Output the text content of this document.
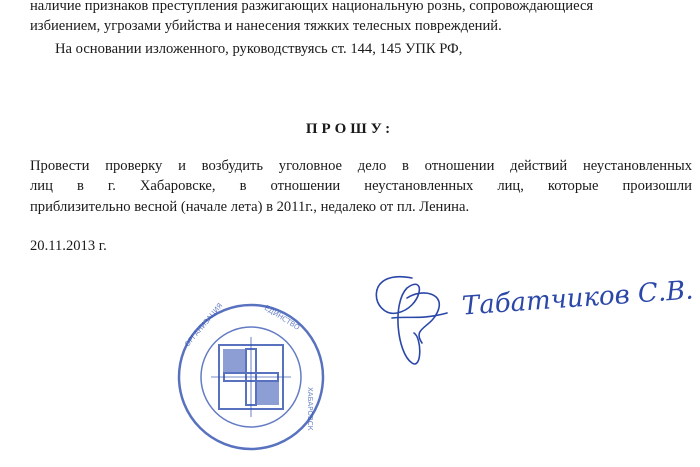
наличие признаков преступления разжигающих национальную рознь, сопровождающиеся
избиением, угрозами убийства и нанесения тяжких телесных повреждений.
На основании изложенного, руководствуясь ст. 144, 145 УПК РФ,
ПРОШУ:
Провести проверку и возбудить уголовное дело в отношении действий неустановленных
лиц в г. Хабаровске, в отношении неустановленных лиц, которые произошли
приблизительно весной (начале лета) в 2011г., недалеко от пл. Ленина.
20.11.2013 г.
ОРГАНИЗАЦИЯ	ЕДИНСТВО
ХАБАРОВСК
Табатчиков С.В.
